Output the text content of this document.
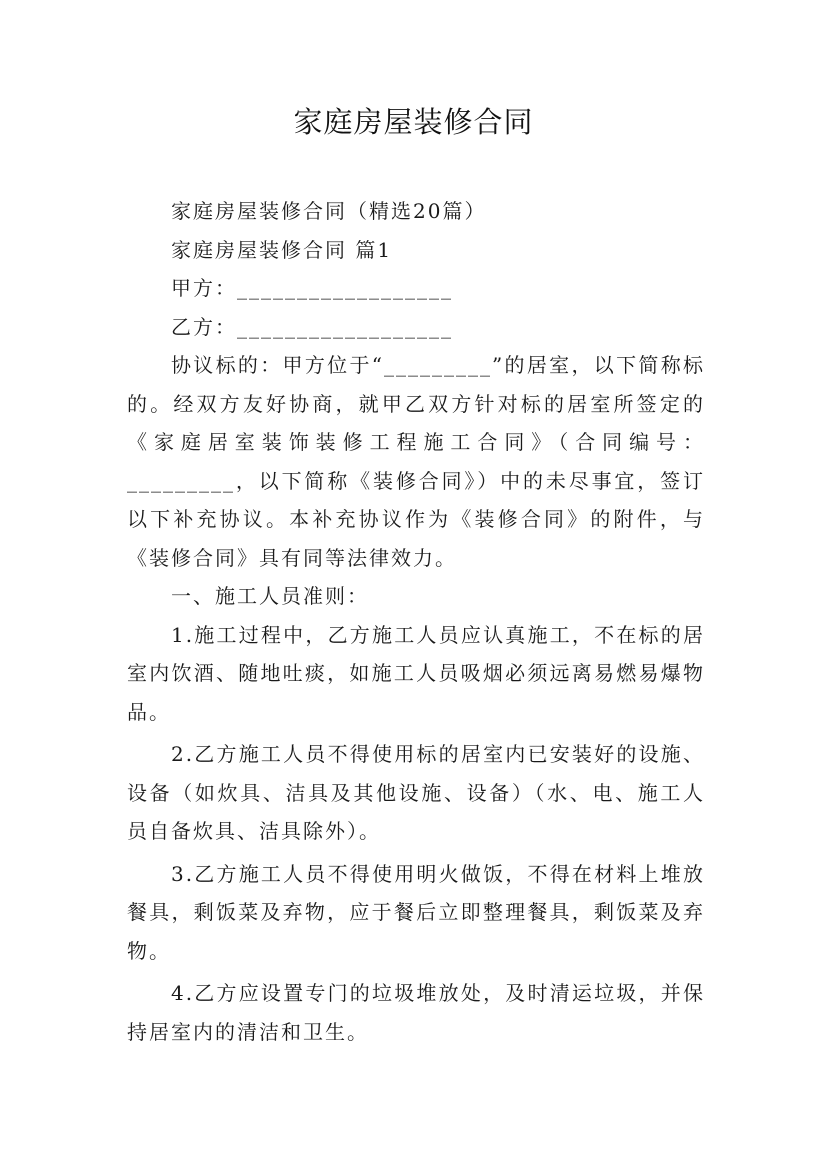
家庭房屋装修合同

家庭房屋装修合同（精选20篇）

家庭房屋装修合同 篇1

甲方：__________________

乙方：__________________

协议标的：甲方位于“_________”的居室，以下简称标的。经双方友好协商，就甲乙双方针对标的居室所签定的《家庭居室装饰装修工程施工合同》（合同编号：_________，以下简称《装修合同》）中的未尽事宜，签订以下补充协议。本补充协议作为《装修合同》的附件，与《装修合同》具有同等法律效力。

一、施工人员准则：

1.施工过程中，乙方施工人员应认真施工，不在标的居室内饮酒、随地吐痰，如施工人员吸烟必须远离易燃易爆物品。

2.乙方施工人员不得使用标的居室内已安装好的设施、设备（如炊具、洁具及其他设施、设备）（水、电、施工人员自备炊具、洁具除外）。

3.乙方施工人员不得使用明火做饭，不得在材料上堆放餐具，剩饭菜及弃物，应于餐后立即整理餐具，剩饭菜及弃物。

4.乙方应设置专门的垃圾堆放处，及时清运垃圾，并保持居室内的清洁和卫生。
